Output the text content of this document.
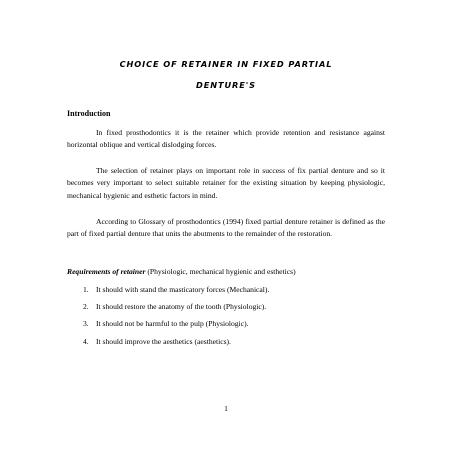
CHOICE OF RETAINER IN FIXED PARTIAL
DENTURE'S
Introduction

In fixed prosthodontics it is the retainer which provide retention and resistance against horizontal oblique and vertical dislodging forces.

The selection of retainer plays on important role in success of fix partial denture and so it becomes very important to select suitable retainer for the existing situation by keeping physiologic, mechanical hygienic and esthetic factors in mind.

According to Glossary of prosthodontics (1994) fixed partial denture retainer is defined as the part of fixed partial denture that units the abutments to the remainder of the restoration.

Requirements of retainer (Physiologic, mechanical hygienic and esthetics)
1. It should with stand the masticatory forces (Mechanical).
2. It should restore the anatomy of the tooth (Physiologic).
3. It should not be harmful to the pulp (Physiologic).
4. It should improve the aesthetics (aesthetics).
1
